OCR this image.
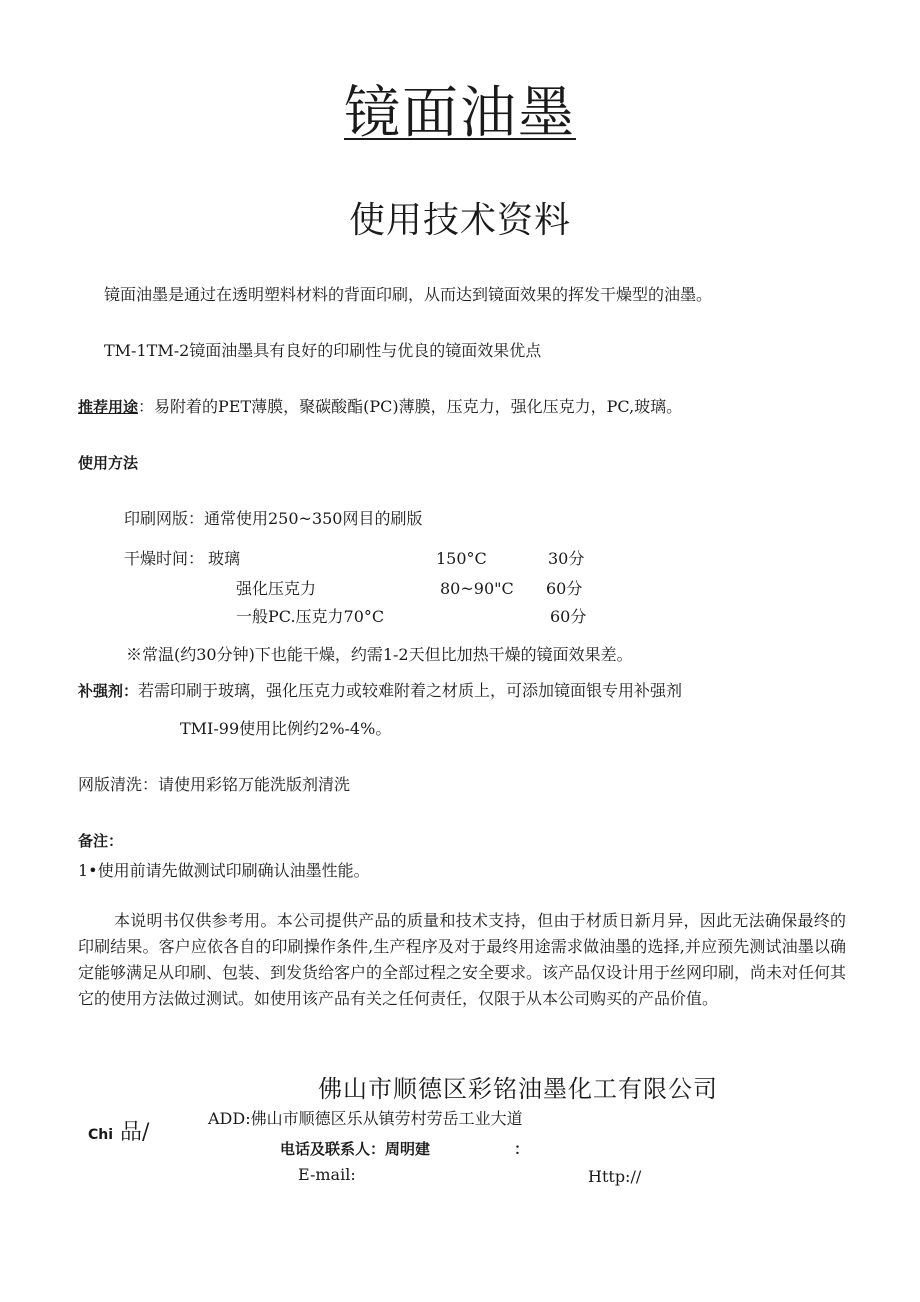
镜面油墨
使用技术资料
镜面油墨是通过在透明塑料材料的背面印刷，从而达到镜面效果的挥发干燥型的油墨。
TM-1TM-2镜面油墨具有良好的印刷性与优良的镜面效果优点
推荐用途：易附着的PET薄膜，聚碳酸酯(PC)薄膜，压克力，强化压克力，PC,玻璃。
使用方法
印刷网版：通常使用250~350网目的刷版
干燥时间： 玻璃	150°C	30分
强化压克力	80~90"C 60分
一般PC.压克力70°C	60分
※常温(约30分钟)下也能干燥，约需1-2天但比加热干燥的镜面效果差。
补强剂：若需印刷于玻璃，强化压克力或较难附着之材质上，可添加镜面银专用补强剂
TMI-99使用比例约2%-4%。
网版清洗：请使用彩铭万能洗版剂清洗
备注：
1•使用前请先做测试印刷确认油墨性能。
本说明书仅供参考用。本公司提供产品的质量和技术支持，但由于材质日新月异，因此无法确保最终的印刷结果。客户应依各自的印刷操作条件,生产程序及对于最终用途需求做油墨的选择,并应预先测试油墨以确定能够满足从印刷、包装、到发货给客户的全部过程之安全要求。该产品仅设计用于丝网印刷，尚未对任何其它的使用方法做过测试。如使用该产品有关之任何责任，仅限于从本公司购买的产品价值。
佛山市顺德区彩铭油墨化工有限公司
Chi 品/
ADD:佛山市顺德区乐从镇劳村劳岳工业大道
电话及联系人：周明建	：
E-mail:	Http://
